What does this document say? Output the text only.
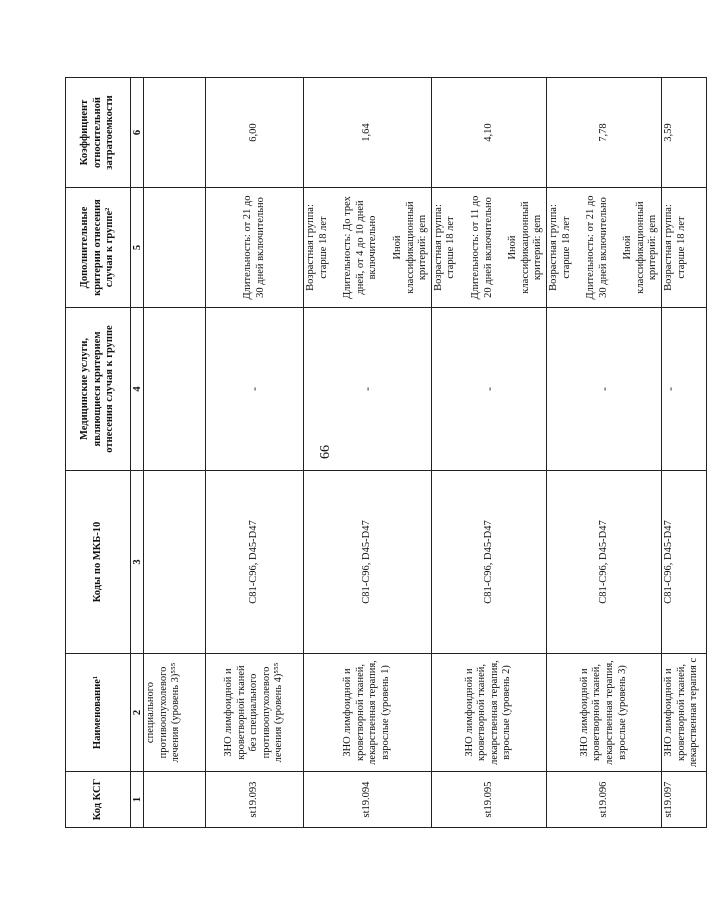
66
Код КСГ	Наименование¹	Коды по МКБ-10	Медицинские услуги, являющиеся критерием отнесения случая к группе	Дополнительные критерии отнесения случая к группе²	Коэффициент относительной затратоемкости
1	2	3	4	5	6
	специального противоопухолевого лечения (уровень 3)⁵⁵⁵				
st19.093	ЗНО лимфоидной и кроветворной тканей без специального противоопухолевого лечения (уровень 4)⁵⁵⁵	C81-C96, D45-D47	-	Длительность: от 21 до 30 дней включительно	6,00
st19.094	ЗНО лимфоидной и кроветворной тканей, лекарственная терапия, взрослые (уровень 1)	C81-C96, D45-D47	-	Возрастная группа: старше 18 лет Длительность: До трех дней, от 4 до 10 дней включительно Иной классификационный критерий: gem	1,64
st19.095	ЗНО лимфоидной и кроветворной тканей, лекарственная терапия, взрослые (уровень 2)	C81-C96, D45-D47	-	Возрастная группа: старше 18 лет Длительность: от 11 до 20 дней включительно Иной классификационный критерий: gem	4,10
st19.096	ЗНО лимфоидной и кроветворной тканей, лекарственная терапия, взрослые (уровень 3)	C81-C96, D45-D47	-	Возрастная группа: старше 18 лет Длительность: от 21 до 30 дней включительно Иной классификационный критерий: gem	7,78
st19.097	ЗНО лимфоидной и кроветворной тканей, лекарственная терапия с	C81-C96, D45-D47	-	Возрастная группа: старше 18 лет	3,59
